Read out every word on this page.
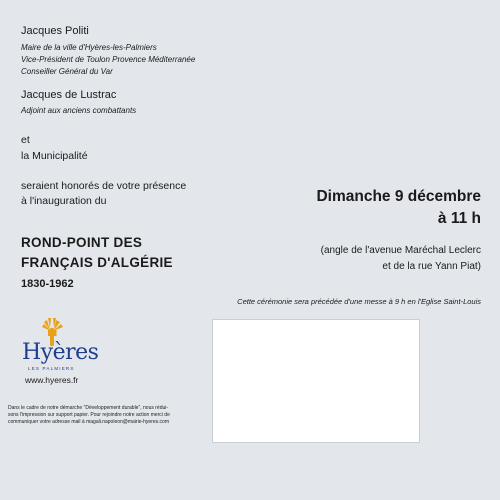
Jacques Politi
Maire de la ville d'Hyères-les-Palmiers
Vice-Président de Toulon Provence Méditerranée
Conseiller Général du Var
Jacques de Lustrac
Adjoint aux anciens combattants
et
la Municipalité
seraient honorés de votre présence
à l'inauguration du	Dimanche 9 décembre
à 11 h
ROND-POINT DES
FRANÇAIS D'ALGÉRIE
1830-1962
(angle de l'avenue Maréchal Leclerc
et de la rue Yann Piat)
Cette cérémonie sera précédée d'une messe à 9 h en l'Eglise Saint-Louis
Hyères
LES PALMIERS
www.hyeres.fr
Dans le cadre de notre démarche "Développement durable", nous rédui-
sons l'impression sur support papier. Pour rejoindre notre action merci de
communiquer votre adresse mail à magali.napoleon@mairie-hyeres.com
